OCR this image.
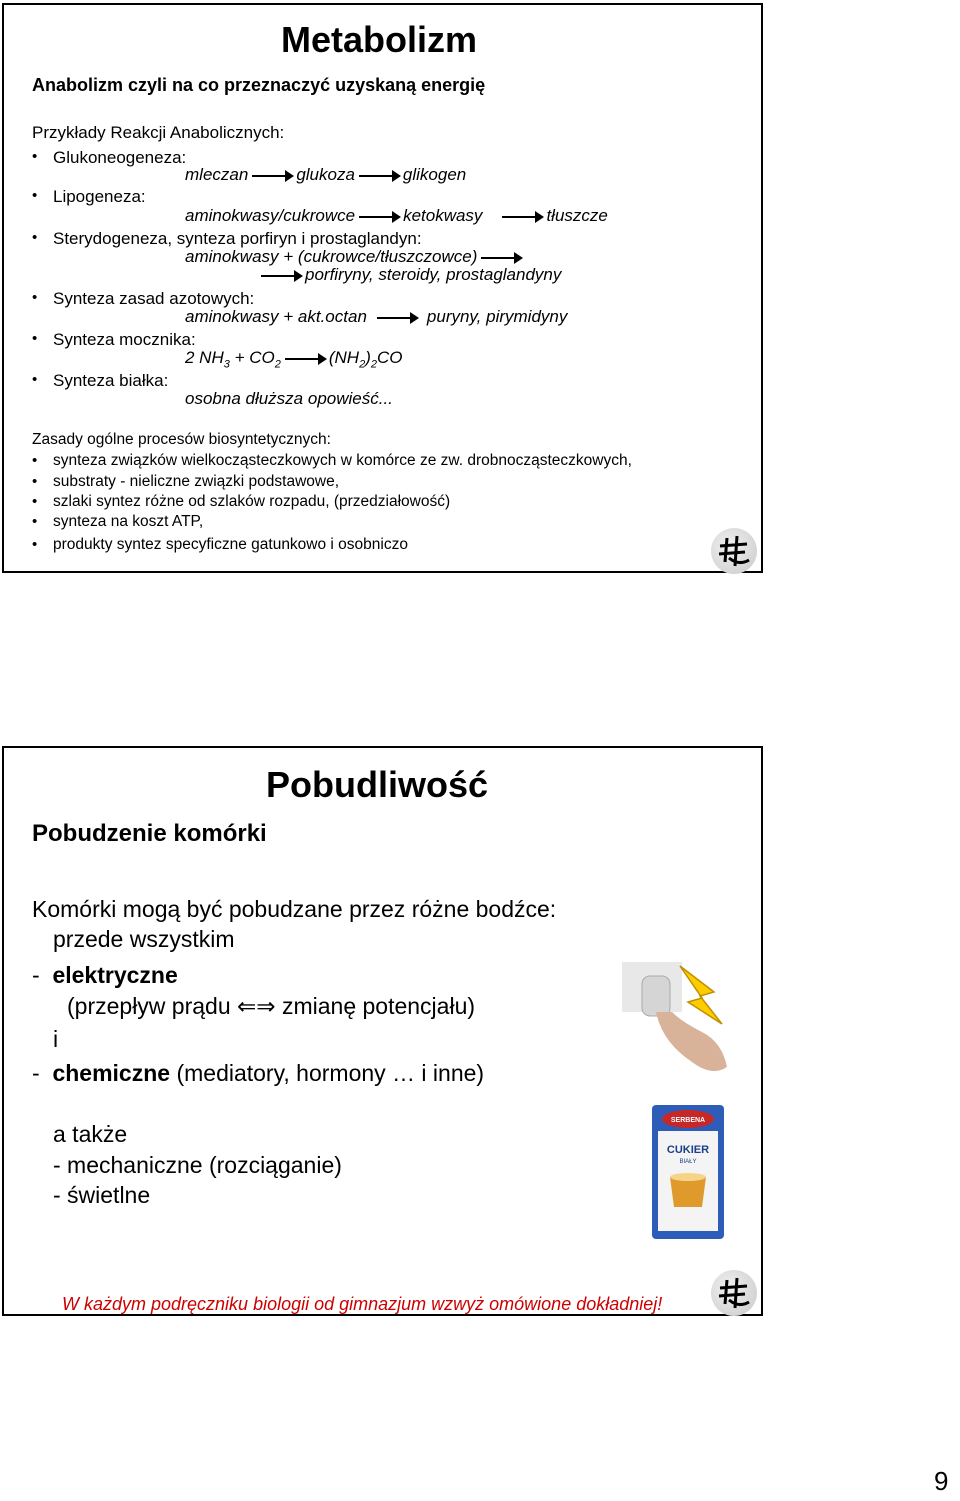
Metabolizm
Anabolizm czyli na co przeznaczyć uzyskaną energię
Przykłady Reakcji Anabolicznych:
• Glukoneogeneza:
mleczan	glukoza	glikogen
• Lipogeneza:
aminokwasy/cukrowce	ketokwasy	tłuszcze
• Sterydogeneza, synteza porfiryn i prostaglandyn:
aminokwasy + (cukrowce/tłuszczowce)
porfiryny, steroidy, prostaglandyny
• Synteza zasad azotowych:
aminokwasy + akt.octan	puryny, pirymidyny
• Synteza mocznika:
2 $NH_3 + CO_2$	$(NH_2)_2CO$
• Synteza białka:
osobna dłuższa opowieść...
Zasady ogólne procesów biosyntetycznych:
• synteza związków wielkocząsteczkowych w komórce ze zw. drobnocząsteczkowych,
• substraty - nieliczne związki podstawowe,
• szlaki syntez różne od szlaków rozpadu, (przedziałowość)
• synteza na koszt ATP,
• produkty syntez specyficzne gatunkowo i osobniczo
Pobudliwość
Pobudzenie komórki
Komórki mogą być pobudzane przez różne bodźce:
przede wszystkim
- elektryczne
(przepływ prądu ⇐⇒ zmianę potencjału)
i
- chemiczne (mediatory, hormony … i inne)
a także
- mechaniczne (rozciąganie)
- świetlne
SERBENA
CUKIER
BIAŁY
W każdym podręczniku biologii od gimnazjum wzwyż omówione dokładniej!
9
